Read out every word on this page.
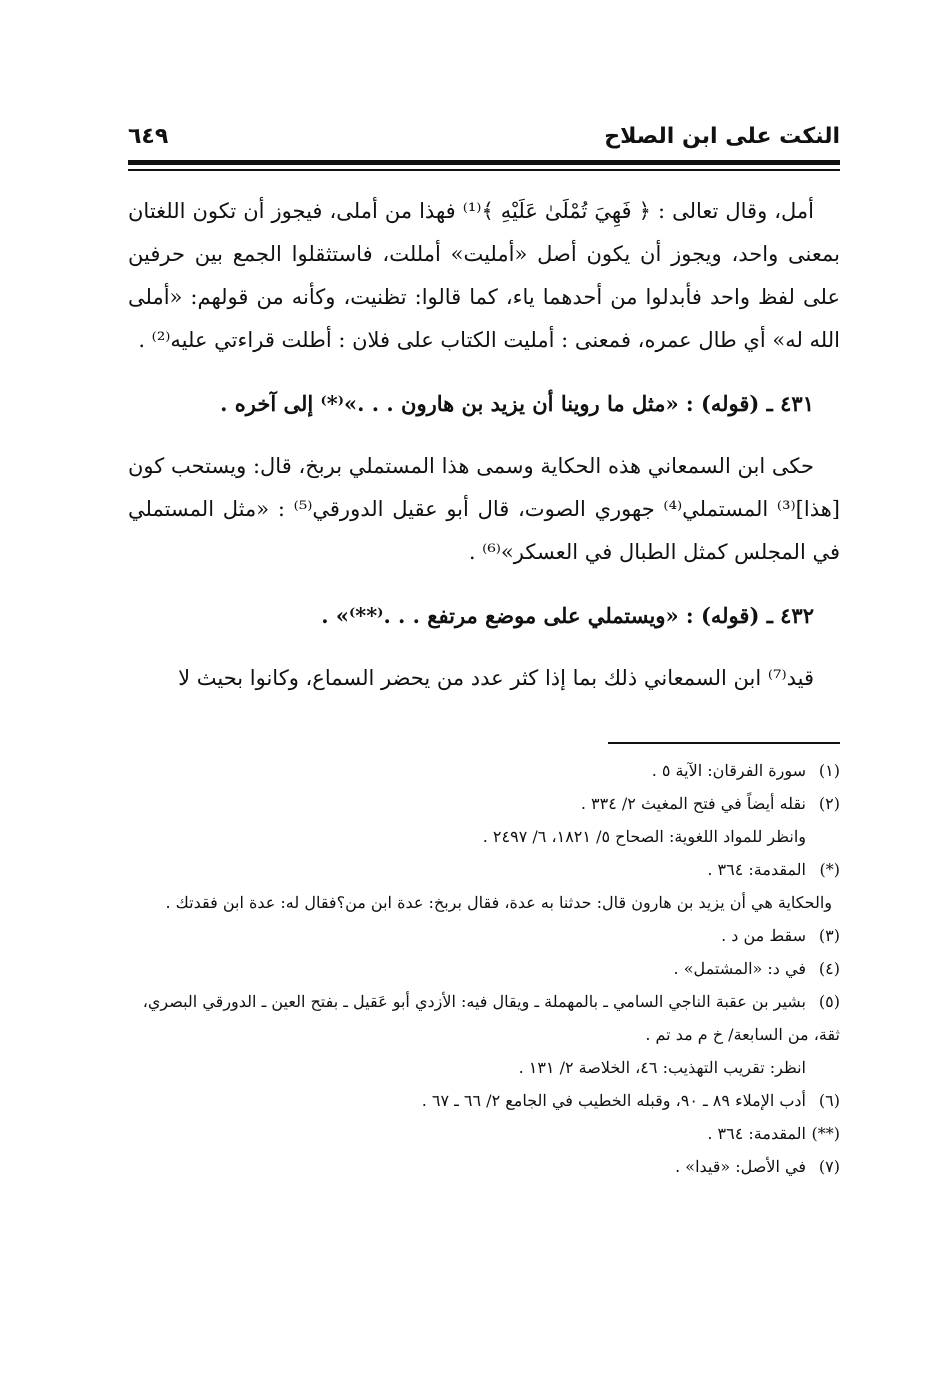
النكت على ابن الصلاح
٦٤٩

أمل، وقال تعالى : ﴿ فَهِيَ تُمْلَىٰ عَلَيْهِ ﴾⁽¹⁾ فهذا من أملى، فيجوز أن تكون اللغتان بمعنى واحد، ويجوز أن يكون أصل «أمليت» أمللت، فاستثقلوا الجمع بين حرفين على لفظ واحد فأبدلوا من أحدهما ياء، كما قالوا: تظنيت، وكأنه من قولهم: «أملى الله له» أي طال عمره، فمعنى : أمليت الكتاب على فلان : أطلت قراءتي عليه⁽²⁾ .

٤٣١ ـ (قوله) : «مثل ما روينا أن يزيد بن هارون . . .»⁽*⁾ إلى آخره .

حكى ابن السمعاني هذه الحكاية وسمى هذا المستملي بربخ، قال: ويستحب كون [هذا]⁽³⁾ المستملي⁽⁴⁾ جهوري الصوت، قال أبو عقيل الدورقي⁽⁵⁾ : «مثل المستملي في المجلس كمثل الطبال في العسكر»⁽⁶⁾ .

٤٣٢ ـ (قوله) : «ويستملي على موضع مرتفع . . .⁽**⁾» .

قيد⁽⁷⁾ ابن السمعاني ذلك بما إذا كثر عدد من يحضر السماع، وكانوا بحيث لا

(١)سورة الفرقان: الآية ٥ .

(٢)نقله أيضاً في فتح المغيث ٢/ ٣٣٤ .

وانظر للمواد اللغوية: الصحاح ٥/ ١٨٢١، ٦/ ٢٤٩٧ .

(*)المقدمة: ٣٦٤ .

والحكاية هي أن يزيد بن هارون قال: حدثنا به عدة، فقال بربخ: عدة ابن من؟فقال له: عدة ابن فقدتك .

(٣)سقط من د .

(٤)في د: «المشتمل» .

(٥)بشير بن عقبة الناجي السامي ـ بالمهملة ـ ويقال فيه: الأزدي أبو عَقيل ـ بفتح العين ـ الدورقي البصري، ثقة، من السابعة/ خ م مد تم .

انظر: تقريب التهذيب: ٤٦، الخلاصة ٢/ ١٣١ .

(٦)أدب الإملاء ٨٩ ـ ٩٠، وقبله الخطيب في الجامع ٢/ ٦٦ ـ ٦٧ .

(**)المقدمة: ٣٦٤ .

(٧)في الأصل: «قيدا» .
